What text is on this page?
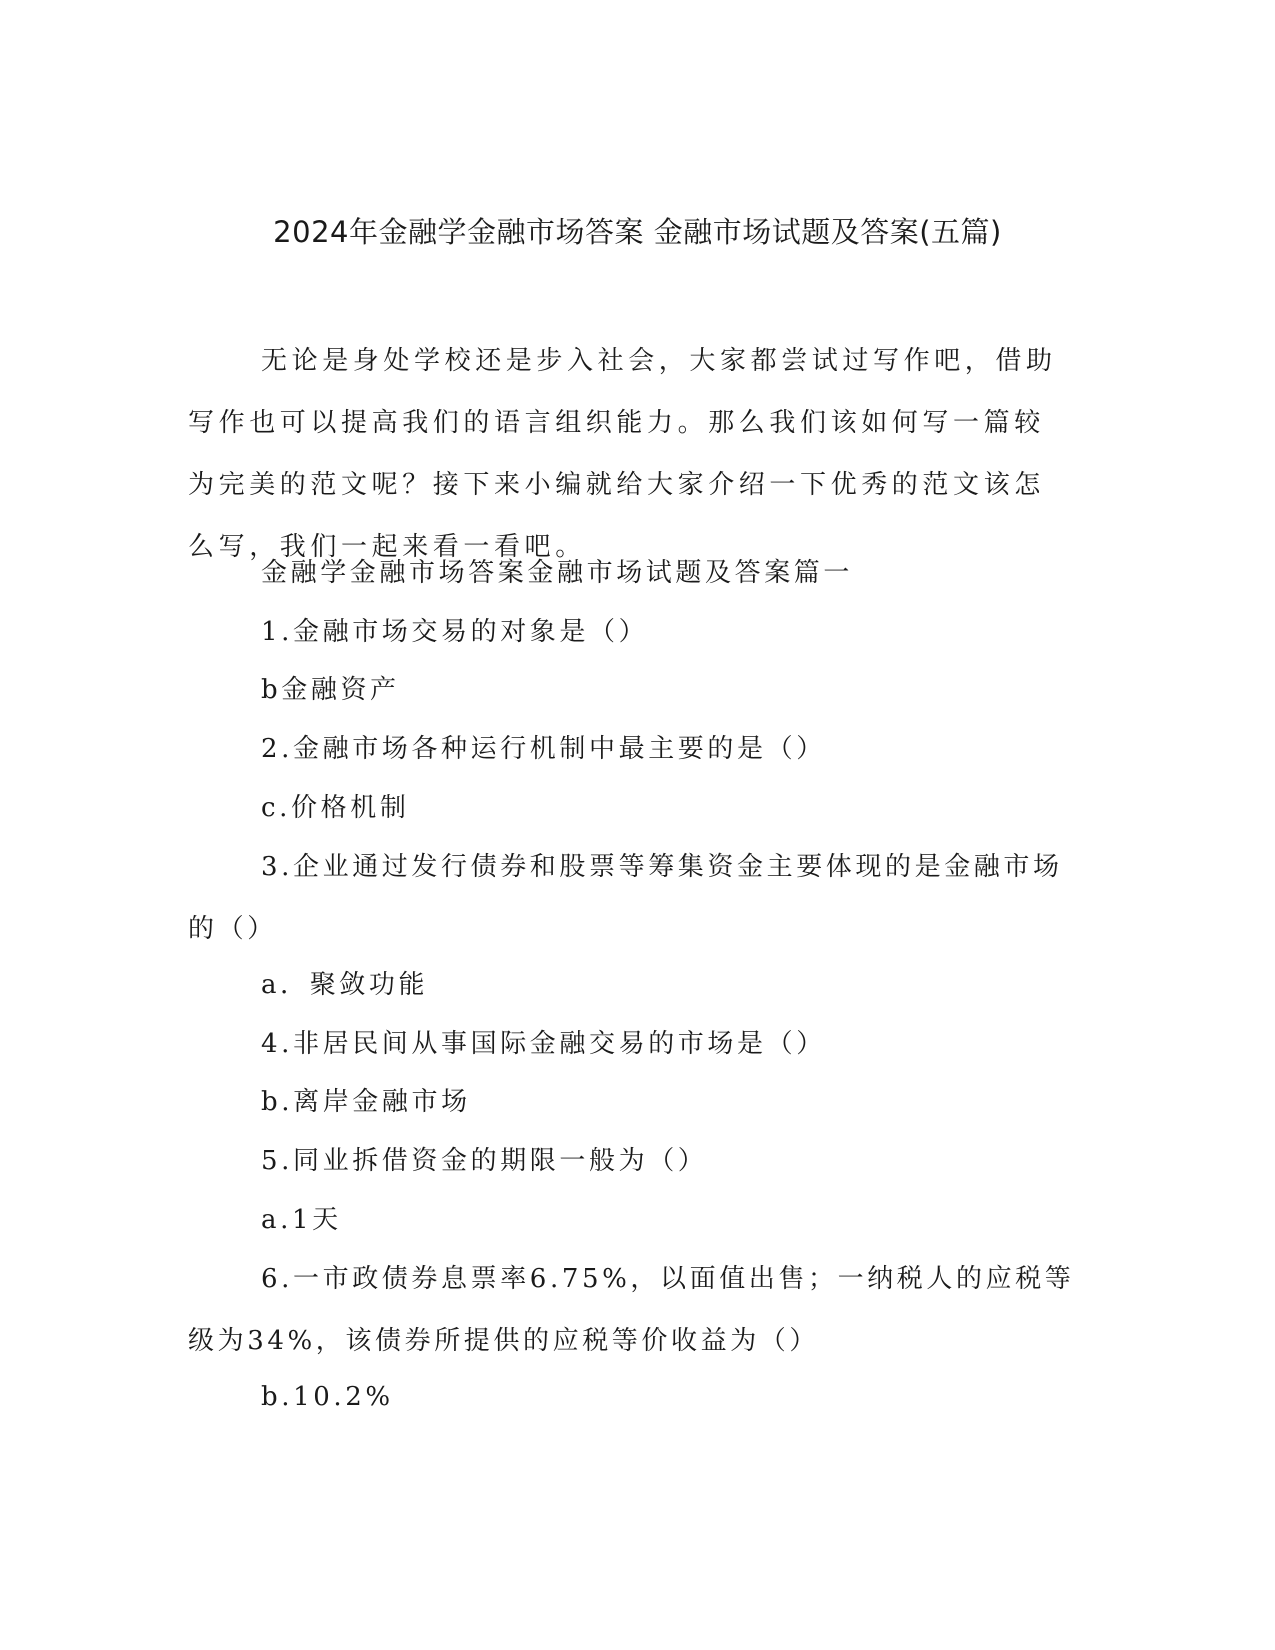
2024年金融学金融市场答案 金融市场试题及答案(五篇)

无论是身处学校还是步入社会，大家都尝试过写作吧，借助写作也可以提高我们的语言组织能力。那么我们该如何写一篇较为完美的范文呢？接下来小编就给大家介绍一下优秀的范文该怎么写，我们一起来看一看吧。

金融学金融市场答案金融市场试题及答案篇一

1.金融市场交易的对象是（）

b金融资产

2.金融市场各种运行机制中最主要的是（）

c.价格机制

3.企业通过发行债券和股票等筹集资金主要体现的是金融市场的（）

a．聚敛功能

4.非居民间从事国际金融交易的市场是（）

b.离岸金融市场

5.同业拆借资金的期限一般为（）

a.1天

6.一市政债券息票率6.75%，以面值出售；一纳税人的应税等级为34%，该债券所提供的应税等价收益为（）

b.10.2%
